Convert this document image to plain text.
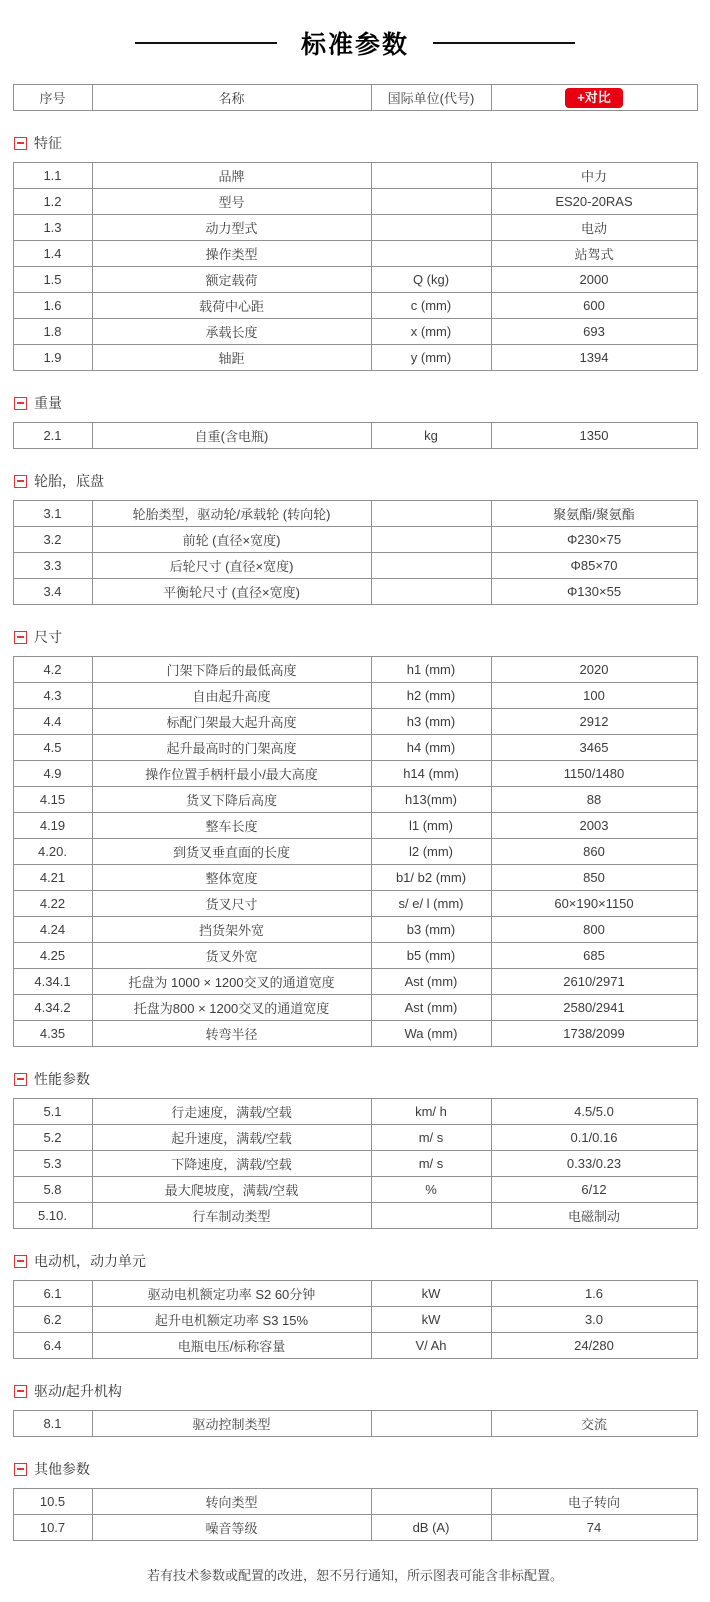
标准参数
序号	名称	国际单位(代号)	+对比
特征
1.1	品牌		中力
1.2	型号		ES20-20RAS
1.3	动力型式		电动
1.4	操作类型		站驾式
1.5	额定载荷	Q (kg)	2000
1.6	载荷中心距	c (mm)	600
1.8	承载长度	x (mm)	693
1.9	轴距	y (mm)	1394
重量
2.1	自重(含电瓶)	kg	1350
轮胎，底盘
3.1	轮胎类型，驱动轮/承载轮 (转向轮)		聚氨酯/聚氨酯
3.2	前轮 (直径×宽度)		Φ230×75
3.3	后轮尺寸 (直径×宽度)		Φ85×70
3.4	平衡轮尺寸 (直径×宽度)		Φ130×55
尺寸
4.2	门架下降后的最低高度	h1 (mm)	2020
4.3	自由起升高度	h2 (mm)	100
4.4	标配门架最大起升高度	h3 (mm)	2912
4.5	起升最高时的门架高度	h4 (mm)	3465
4.9	操作位置手柄杆最小/最大高度	h14 (mm)	1150/1480
4.15	货叉下降后高度	h13(mm)	88
4.19	整车长度	l1 (mm)	2003
4.20.	到货叉垂直面的长度	l2 (mm)	860
4.21	整体宽度	b1/ b2 (mm)	850
4.22	货叉尺寸	s/ e/ l (mm)	60×190×1150
4.24	挡货架外宽	b3 (mm)	800
4.25	货叉外宽	b5 (mm)	685
4.34.1	托盘为 1000 × 1200交叉的通道宽度	Ast (mm)	2610/2971
4.34.2	托盘为800 × 1200交叉的通道宽度	Ast (mm)	2580/2941
4.35	转弯半径	Wa (mm)	1738/2099
性能参数
5.1	行走速度，满载/空载	km/ h	4.5/5.0
5.2	起升速度，满载/空载	m/ s	0.1/0.16
5.3	下降速度，满载/空载	m/ s	0.33/0.23
5.8	最大爬坡度，满载/空载	%	6/12
5.10.	行车制动类型		电磁制动
电动机，动力单元
6.1	驱动电机额定功率 S2 60分钟	kW	1.6
6.2	起升电机额定功率 S3 15%	kW	3.0
6.4	电瓶电压/标称容量	V/ Ah	24/280
驱动/起升机构
8.1	驱动控制类型		交流
其他参数
10.5	转向类型		电子转向
10.7	噪音等级	dB (A)	74
若有技术参数或配置的改进，恕不另行通知，所示图表可能含非标配置。
